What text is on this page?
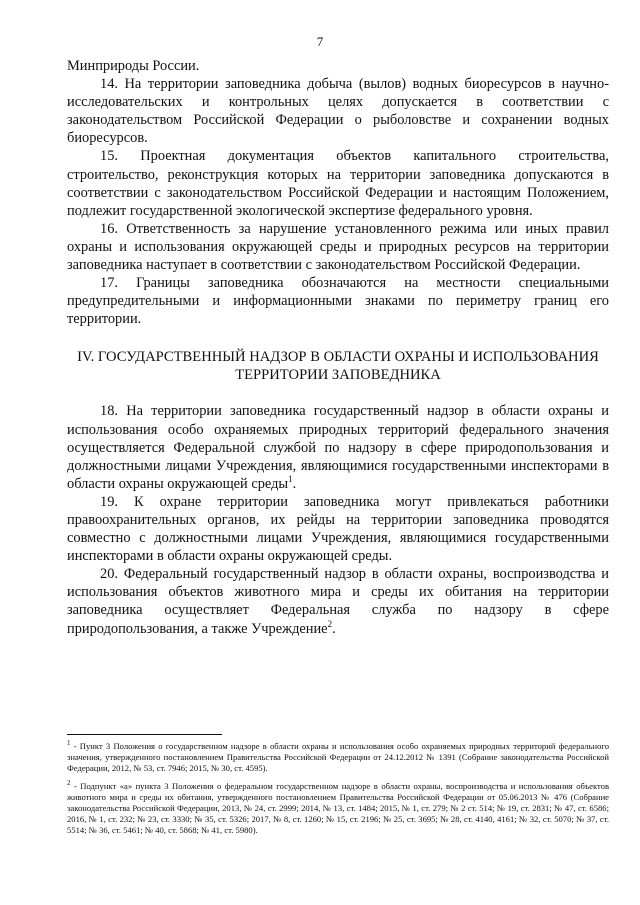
7

Минприроды России.

14. На территории заповедника добыча (вылов) водных биоресурсов в научно-исследовательских и контрольных целях допускается в соответствии с законодательством Российской Федерации о рыболовстве и сохранении водных биоресурсов.

15. Проектная документация объектов капитального строительства, строительство, реконструкция которых на территории заповедника допускаются в соответствии с законодательством Российской Федерации и настоящим Положением, подлежит государственной экологической экспертизе федерального уровня.

16. Ответственность за нарушение установленного режима или иных правил охраны и использования окружающей среды и природных ресурсов на территории заповедника наступает в соответствии с законодательством Российской Федерации.

17. Границы заповедника обозначаются на местности специальными предупредительными и информационными знаками по периметру границ его территории.

IV. ГОСУДАРСТВЕННЫЙ НАДЗОР В ОБЛАСТИ ОХРАНЫ И ИСПОЛЬЗОВАНИЯ ТЕРРИТОРИИ ЗАПОВЕДНИКА

18. На территории заповедника государственный надзор в области охраны и использования особо охраняемых природных территорий федерального значения осуществляется Федеральной службой по надзору в сфере природопользования и должностными лицами Учреждения, являющимися государственными инспекторами в области охраны окружающей среды$^1$.

19. К охране территории заповедника могут привлекаться работники правоохранительных органов, их рейды на территории заповедника проводятся совместно с должностными лицами Учреждения, являющимися государственными инспекторами в области охраны окружающей среды.

20. Федеральный государственный надзор в области охраны, воспроизводства и использования объектов животного мира и среды их обитания на территории заповедника осуществляет Федеральная служба по надзору в сфере природопользования, а также Учреждение$^2$.

$^1$ - Пункт 3 Положения о государственном надзоре в области охраны и использования особо охраняемых природных территорий федерального значения, утвержденного постановлением Правительства Российской Федерации от 24.12.2012 № 1391 (Собрание законодательства Российской Федерации, 2012, № 53, ст. 7946; 2015, № 30, ст. 4595).

$^2$ - Подпункт «а» пункта 3 Положения о федеральном государственном надзоре в области охраны, воспроизводства и использования объектов животного мира и среды их обитания, утвержденного постановлением Правительства Российской Федерации от 05.06.2013 № 476 (Собрание законодательства Российской Федерации, 2013, № 24, ст. 2999; 2014, № 13, ст. 1484; 2015, № 1, ст. 279; № 2 ст. 514; № 19, ст. 2831; № 47, ст. 6586; 2016, № 1, ст. 232; № 23, ст. 3330; № 35, ст. 5326; 2017, № 8, ст. 1260; № 15, ст. 2196; № 25, ст. 3695; № 28, ст. 4140, 4161; № 32, ст. 5070; № 37, ст. 5514; № 36, ст. 5461; № 40, ст. 5868; № 41, ст. 5980).
